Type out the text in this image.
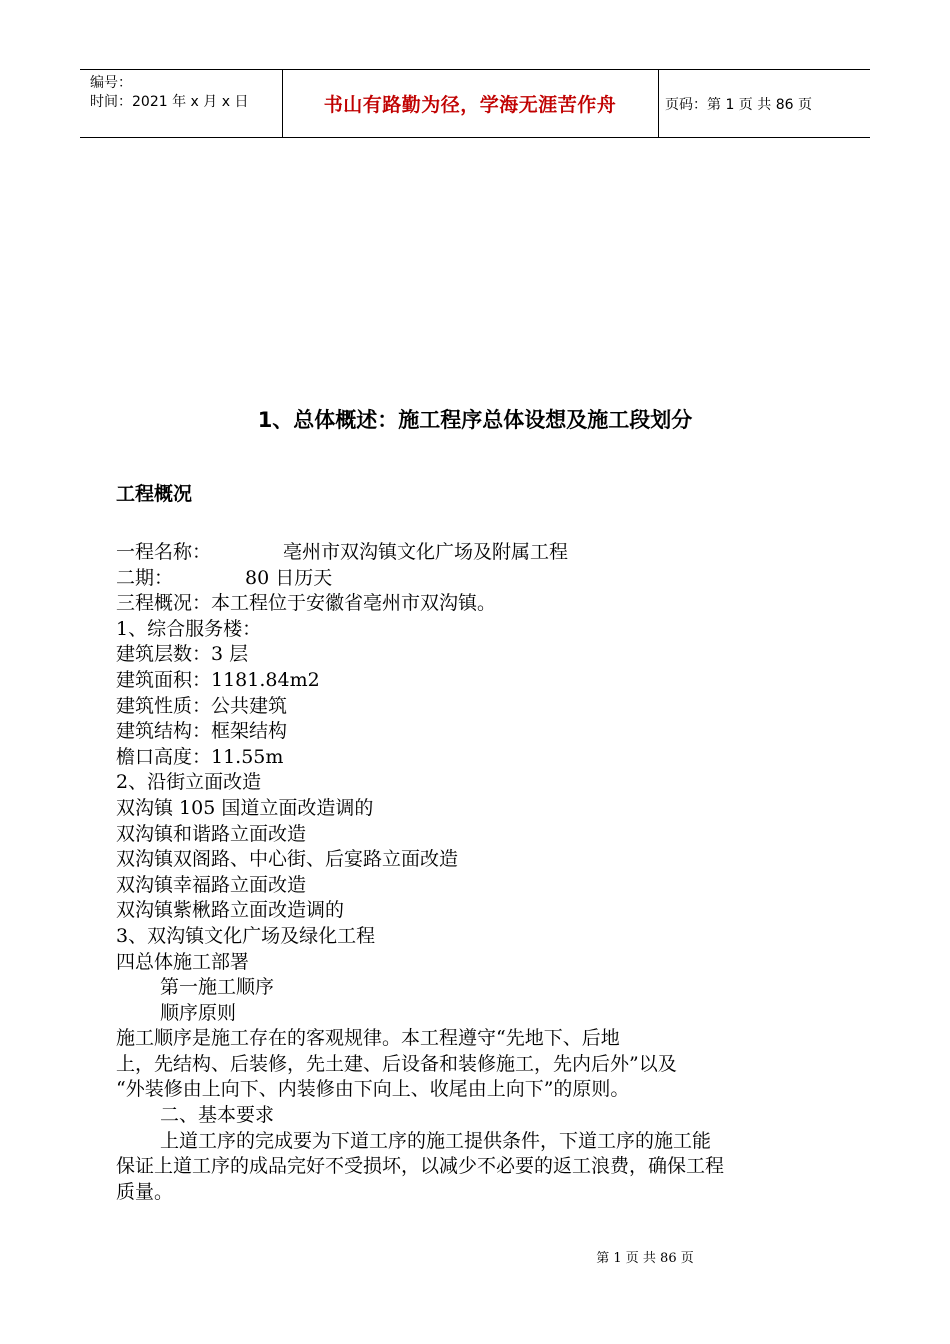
编号：
时间：2021 年 x 月 x 日	书山有路勤为径，学海无涯苦作舟	页码：第 1 页 共 86 页
1、总体概述：施工程序总体设想及施工段划分
工程概况
一程名称：	亳州市双沟镇文化广场及附属工程
二期：	80 日历天
三程概况：本工程位于安徽省亳州市双沟镇。
1、综合服务楼：
建筑层数：3 层
建筑面积：1181.84m2
建筑性质：公共建筑
建筑结构：框架结构
檐口高度：11.55m
2、沿街立面改造
双沟镇 105 国道立面改造调的
双沟镇和谐路立面改造
双沟镇双阁路、中心街、后宴路立面改造
双沟镇幸福路立面改造
双沟镇紫楸路立面改造调的
3、双沟镇文化广场及绿化工程
四总体施工部署
第一施工顺序
顺序原则
施工顺序是施工存在的客观规律。本工程遵守“先地下、后地
上，先结构、后装修，先土建、后设备和装修施工，先内后外”以及
“外装修由上向下、内装修由下向上、收尾由上向下”的原则。
二、基本要求
上道工序的完成要为下道工序的施工提供条件，下道工序的施工能
保证上道工序的成品完好不受损坏，以减少不必要的返工浪费，确保工程
质量。
第 1 页 共 86 页
